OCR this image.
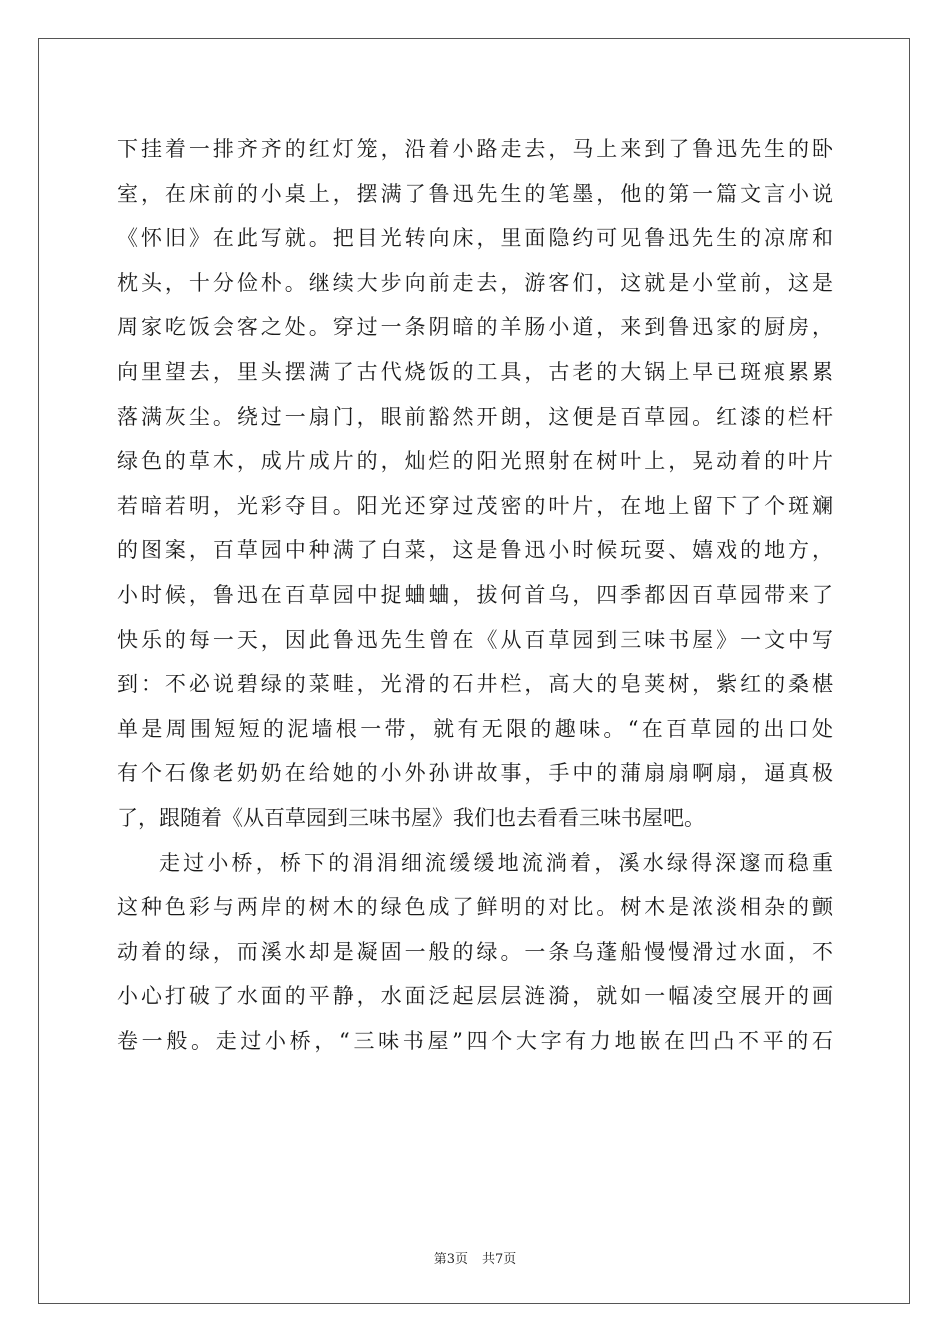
下挂着一排齐齐的红灯笼，沿着小路走去，马上来到了鲁迅先生的卧
室，在床前的小桌上，摆满了鲁迅先生的笔墨，他的第一篇文言小说
《怀旧》在此写就。把目光转向床，里面隐约可见鲁迅先生的凉席和
枕头，十分俭朴。继续大步向前走去，游客们，这就是小堂前，这是
周家吃饭会客之处。穿过一条阴暗的羊肠小道，来到鲁迅家的厨房，
向里望去，里头摆满了古代烧饭的工具，古老的大锅上早已斑痕累累
落满灰尘。绕过一扇门，眼前豁然开朗，这便是百草园。红漆的栏杆
绿色的草木，成片成片的，灿烂的阳光照射在树叶上，晃动着的叶片
若暗若明，光彩夺目。阳光还穿过茂密的叶片，在地上留下了个斑斓
的图案，百草园中种满了白菜，这是鲁迅小时候玩耍、嬉戏的地方，
小时候，鲁迅在百草园中捉蛐蛐，拔何首乌，四季都因百草园带来了
快乐的每一天，因此鲁迅先生曾在《从百草园到三味书屋》一文中写
到：不必说碧绿的菜畦，光滑的石井栏，高大的皂荚树，紫红的桑椹
单是周围短短的泥墙根一带，就有无限的趣味。“在百草园的出口处
有个石像老奶奶在给她的小外孙讲故事，手中的蒲扇扇啊扇，逼真极
了，跟随着《从百草园到三味书屋》我们也去看看三味书屋吧。
走过小桥，桥下的涓涓细流缓缓地流淌着，溪水绿得深邃而稳重
这种色彩与两岸的树木的绿色成了鲜明的对比。树木是浓淡相杂的颤
动着的绿，而溪水却是凝固一般的绿。一条乌蓬船慢慢滑过水面，不
小心打破了水面的平静，水面泛起层层涟漪，就如一幅凌空展开的画
卷一般。走过小桥，“三味书屋”四个大字有力地嵌在凹凸不平的石
第3页 共7页
